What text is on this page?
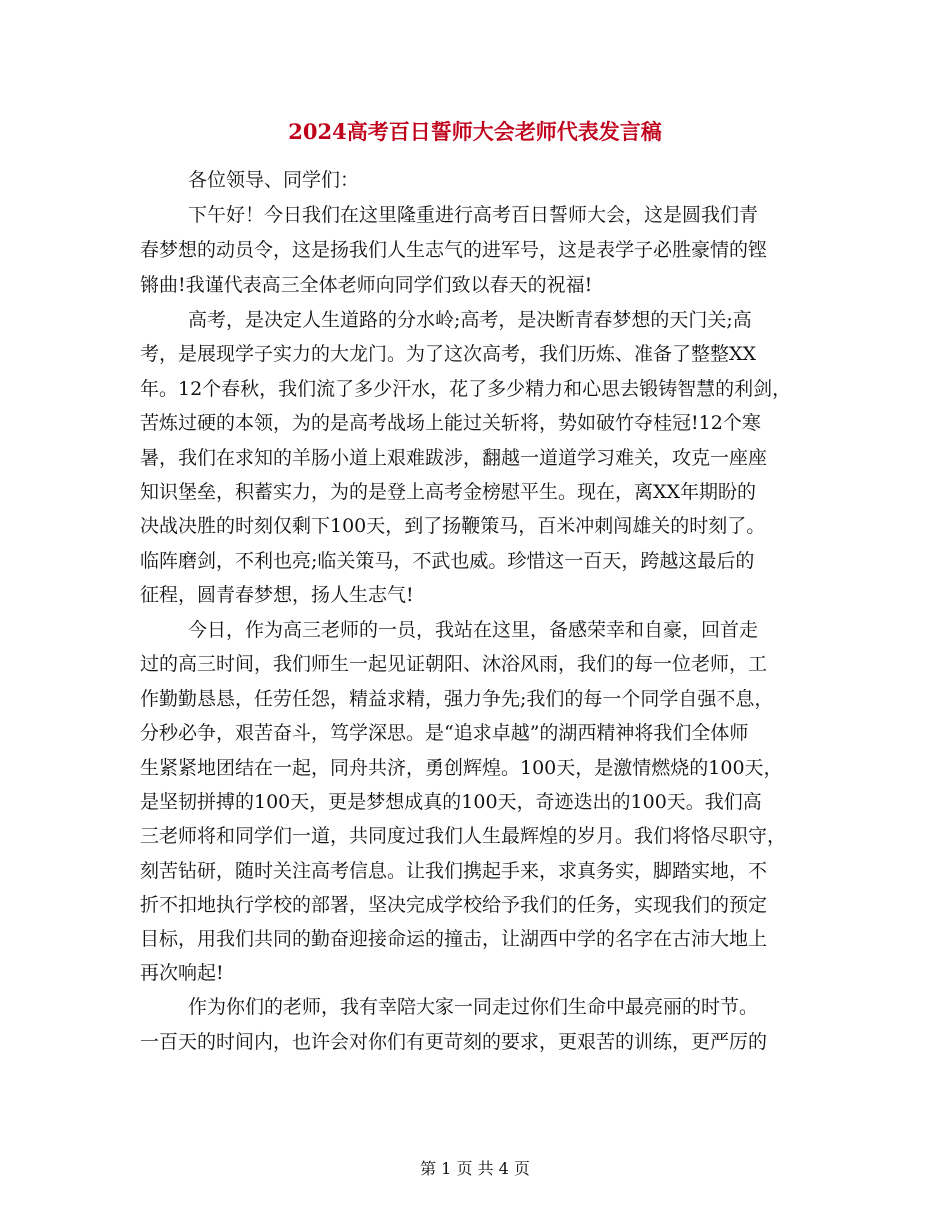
2024高考百日誓师大会老师代表发言稿
各位领导、同学们：
下午好！今日我们在这里隆重进行高考百日誓师大会，这是圆我们青
春梦想的动员令，这是扬我们人生志气的进军号，这是表学子必胜豪情的铿
锵曲!我谨代表高三全体老师向同学们致以春天的祝福!
高考，是决定人生道路的分水岭;高考，是决断青春梦想的天门关;高
考，是展现学子实力的大龙门。为了这次高考，我们历炼、准备了整整XX
年。12个春秋，我们流了多少汗水，花了多少精力和心思去锻铸智慧的利剑，
苦炼过硬的本领，为的是高考战场上能过关斩将，势如破竹夺桂冠!12个寒
暑，我们在求知的羊肠小道上艰难跋涉，翻越一道道学习难关，攻克一座座
知识堡垒，积蓄实力，为的是登上高考金榜慰平生。现在，离XX年期盼的
决战决胜的时刻仅剩下100天，到了扬鞭策马，百米冲刺闯雄关的时刻了。
临阵磨剑，不利也亮;临关策马，不武也威。珍惜这一百天，跨越这最后的
征程，圆青春梦想，扬人生志气!
今日，作为高三老师的一员，我站在这里，备感荣幸和自豪，回首走
过的高三时间，我们师生一起见证朝阳、沐浴风雨，我们的每一位老师，工
作勤勤恳恳，任劳任怨，精益求精，强力争先;我们的每一个同学自强不息，
分秒必争，艰苦奋斗，笃学深思。是“追求卓越”的湖西精神将我们全体师
生紧紧地团结在一起，同舟共济，勇创辉煌。100天，是激情燃烧的100天，
是坚韧拼搏的100天，更是梦想成真的100天，奇迹迭出的100天。我们高
三老师将和同学们一道，共同度过我们人生最辉煌的岁月。我们将恪尽职守，
刻苦钻研，随时关注高考信息。让我们携起手来，求真务实，脚踏实地，不
折不扣地执行学校的部署，坚决完成学校给予我们的任务，实现我们的预定
目标，用我们共同的勤奋迎接命运的撞击，让湖西中学的名字在古沛大地上
再次响起!
作为你们的老师，我有幸陪大家一同走过你们生命中最亮丽的时节。
一百天的时间内，也许会对你们有更苛刻的要求，更艰苦的训练，更严厉的
第 1 页 共 4 页
